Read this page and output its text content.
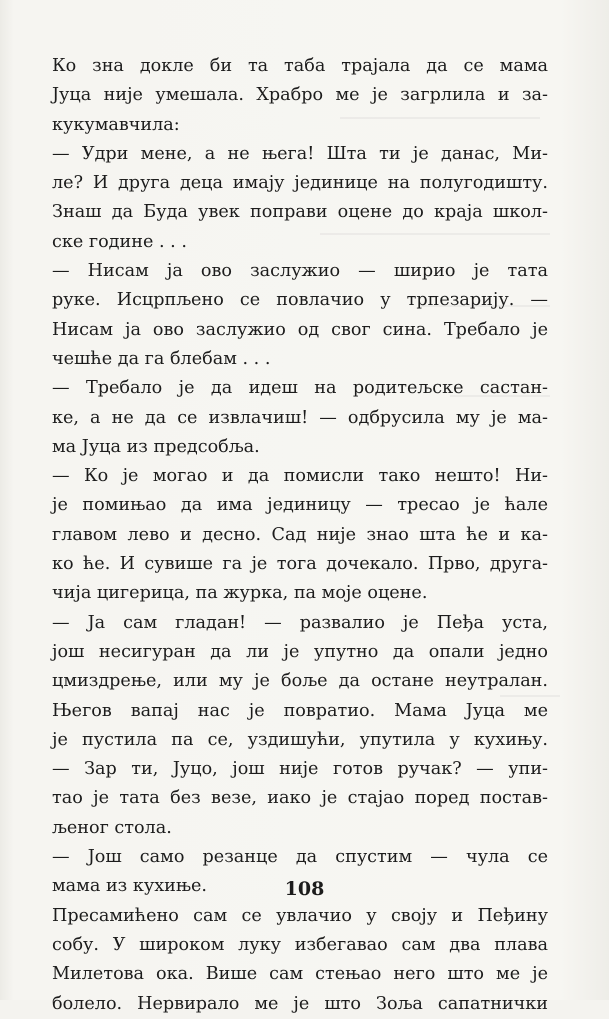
Ко зна докле би та таба трајала да се мама
Јуца није умешала. Храбро ме је загрлила и за-
кукумавчила:
— Удри мене, а не њега! Шта ти је данас, Ми-
ле? И друга деца имају јединице на полугодишту.
Знаш да Буда увек поправи оцене до краја школ-
ске године . . .
— Нисам ја ово заслужио — ширио је тата
руке. Исцрпљено се повлачио у трпезарију. —
Нисам ја ово заслужио од свог сина. Требало је
чешће да га блебам . . .
— Требало је да идеш на родитељске састан-
ке, а не да се извлачиш! — одбрусила му је ма-
ма Јуца из предсобља.
— Ко је могао и да помисли тако нешто! Ни-
је помињао да има јединицу — тресао је ћале
главом лево и десно. Сад није знао шта ће и ка-
ко ће. И сувише га је тога дочекало. Прво, друга-
чија цигерица, па журка, па моје оцене.
— Ја сам гладан! — развалио је Пеђа уста,
још несигуран да ли је упутно да опали једно
цмиздрење, или му је боље да остане неутралан.
Његов вапај нас је повратио. Мама Јуца ме
је пустила па се, уздишући, упутила у кухињу.
— Зар ти, Јуцо, још није готов ручак? — упи-
тао је тата без везе, иако је стајао поред постав-
љеног стола.
— Још само резанце да спустим — чула се
мама из кухиње.
Пресамићено сам се увлачио у своју и Пеђину
собу. У широком луку избегавао сам два плава
Милетова ока. Више сам стењао него што ме је
болело. Нервирало ме је што Зоља сапатнички
108
